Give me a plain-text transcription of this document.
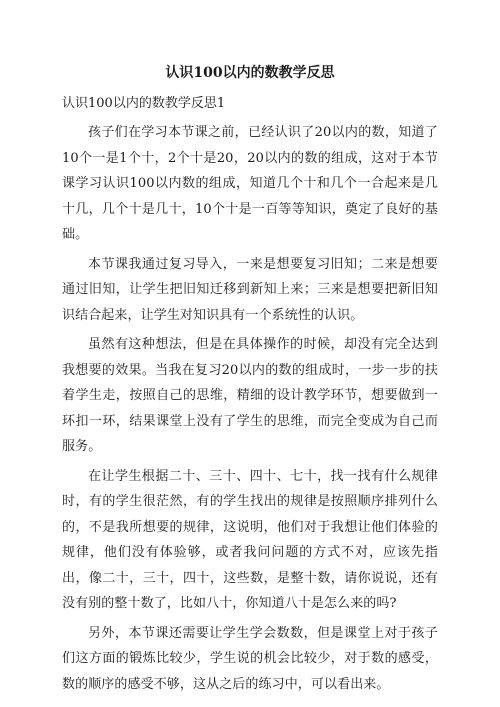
认识100以内的数教学反思
认识100以内的数教学反思1

孩子们在学习本节课之前，已经认识了20以内的数，知道了10个一是1个十，2个十是20，20以内的数的组成，这对于本节课学习认识100以内数的组成，知道几个十和几个一合起来是几十几，几个十是几十，10个十是一百等等知识，奠定了良好的基础。

本节课我通过复习导入，一来是想要复习旧知；二来是想要通过旧知，让学生把旧知迁移到新知上来；三来是想要把新旧知识结合起来，让学生对知识具有一个系统性的认识。

虽然有这种想法，但是在具体操作的时候，却没有完全达到我想要的效果。当我在复习20以内的数的组成时，一步一步的扶着学生走，按照自己的思维，精细的设计教学环节，想要做到一环扣一环，结果课堂上没有了学生的思维，而完全变成为自己而服务。

在让学生根据二十、三十、四十、七十，找一找有什么规律时，有的学生很茫然，有的学生找出的规律是按照顺序排列什么的，不是我所想要的规律，这说明，他们对于我想让他们体验的规律，他们没有体验够，或者我问问题的方式不对，应该先指出，像二十，三十，四十，这些数，是整十数，请你说说，还有没有别的整十数了，比如八十，你知道八十是怎么来的吗?

另外，本节课还需要让学生学会数数，但是课堂上对于孩子们这方面的锻炼比较少，学生说的机会比较少，对于数的感受，数的顺序的感受不够，这从之后的练习中，可以看出来。
